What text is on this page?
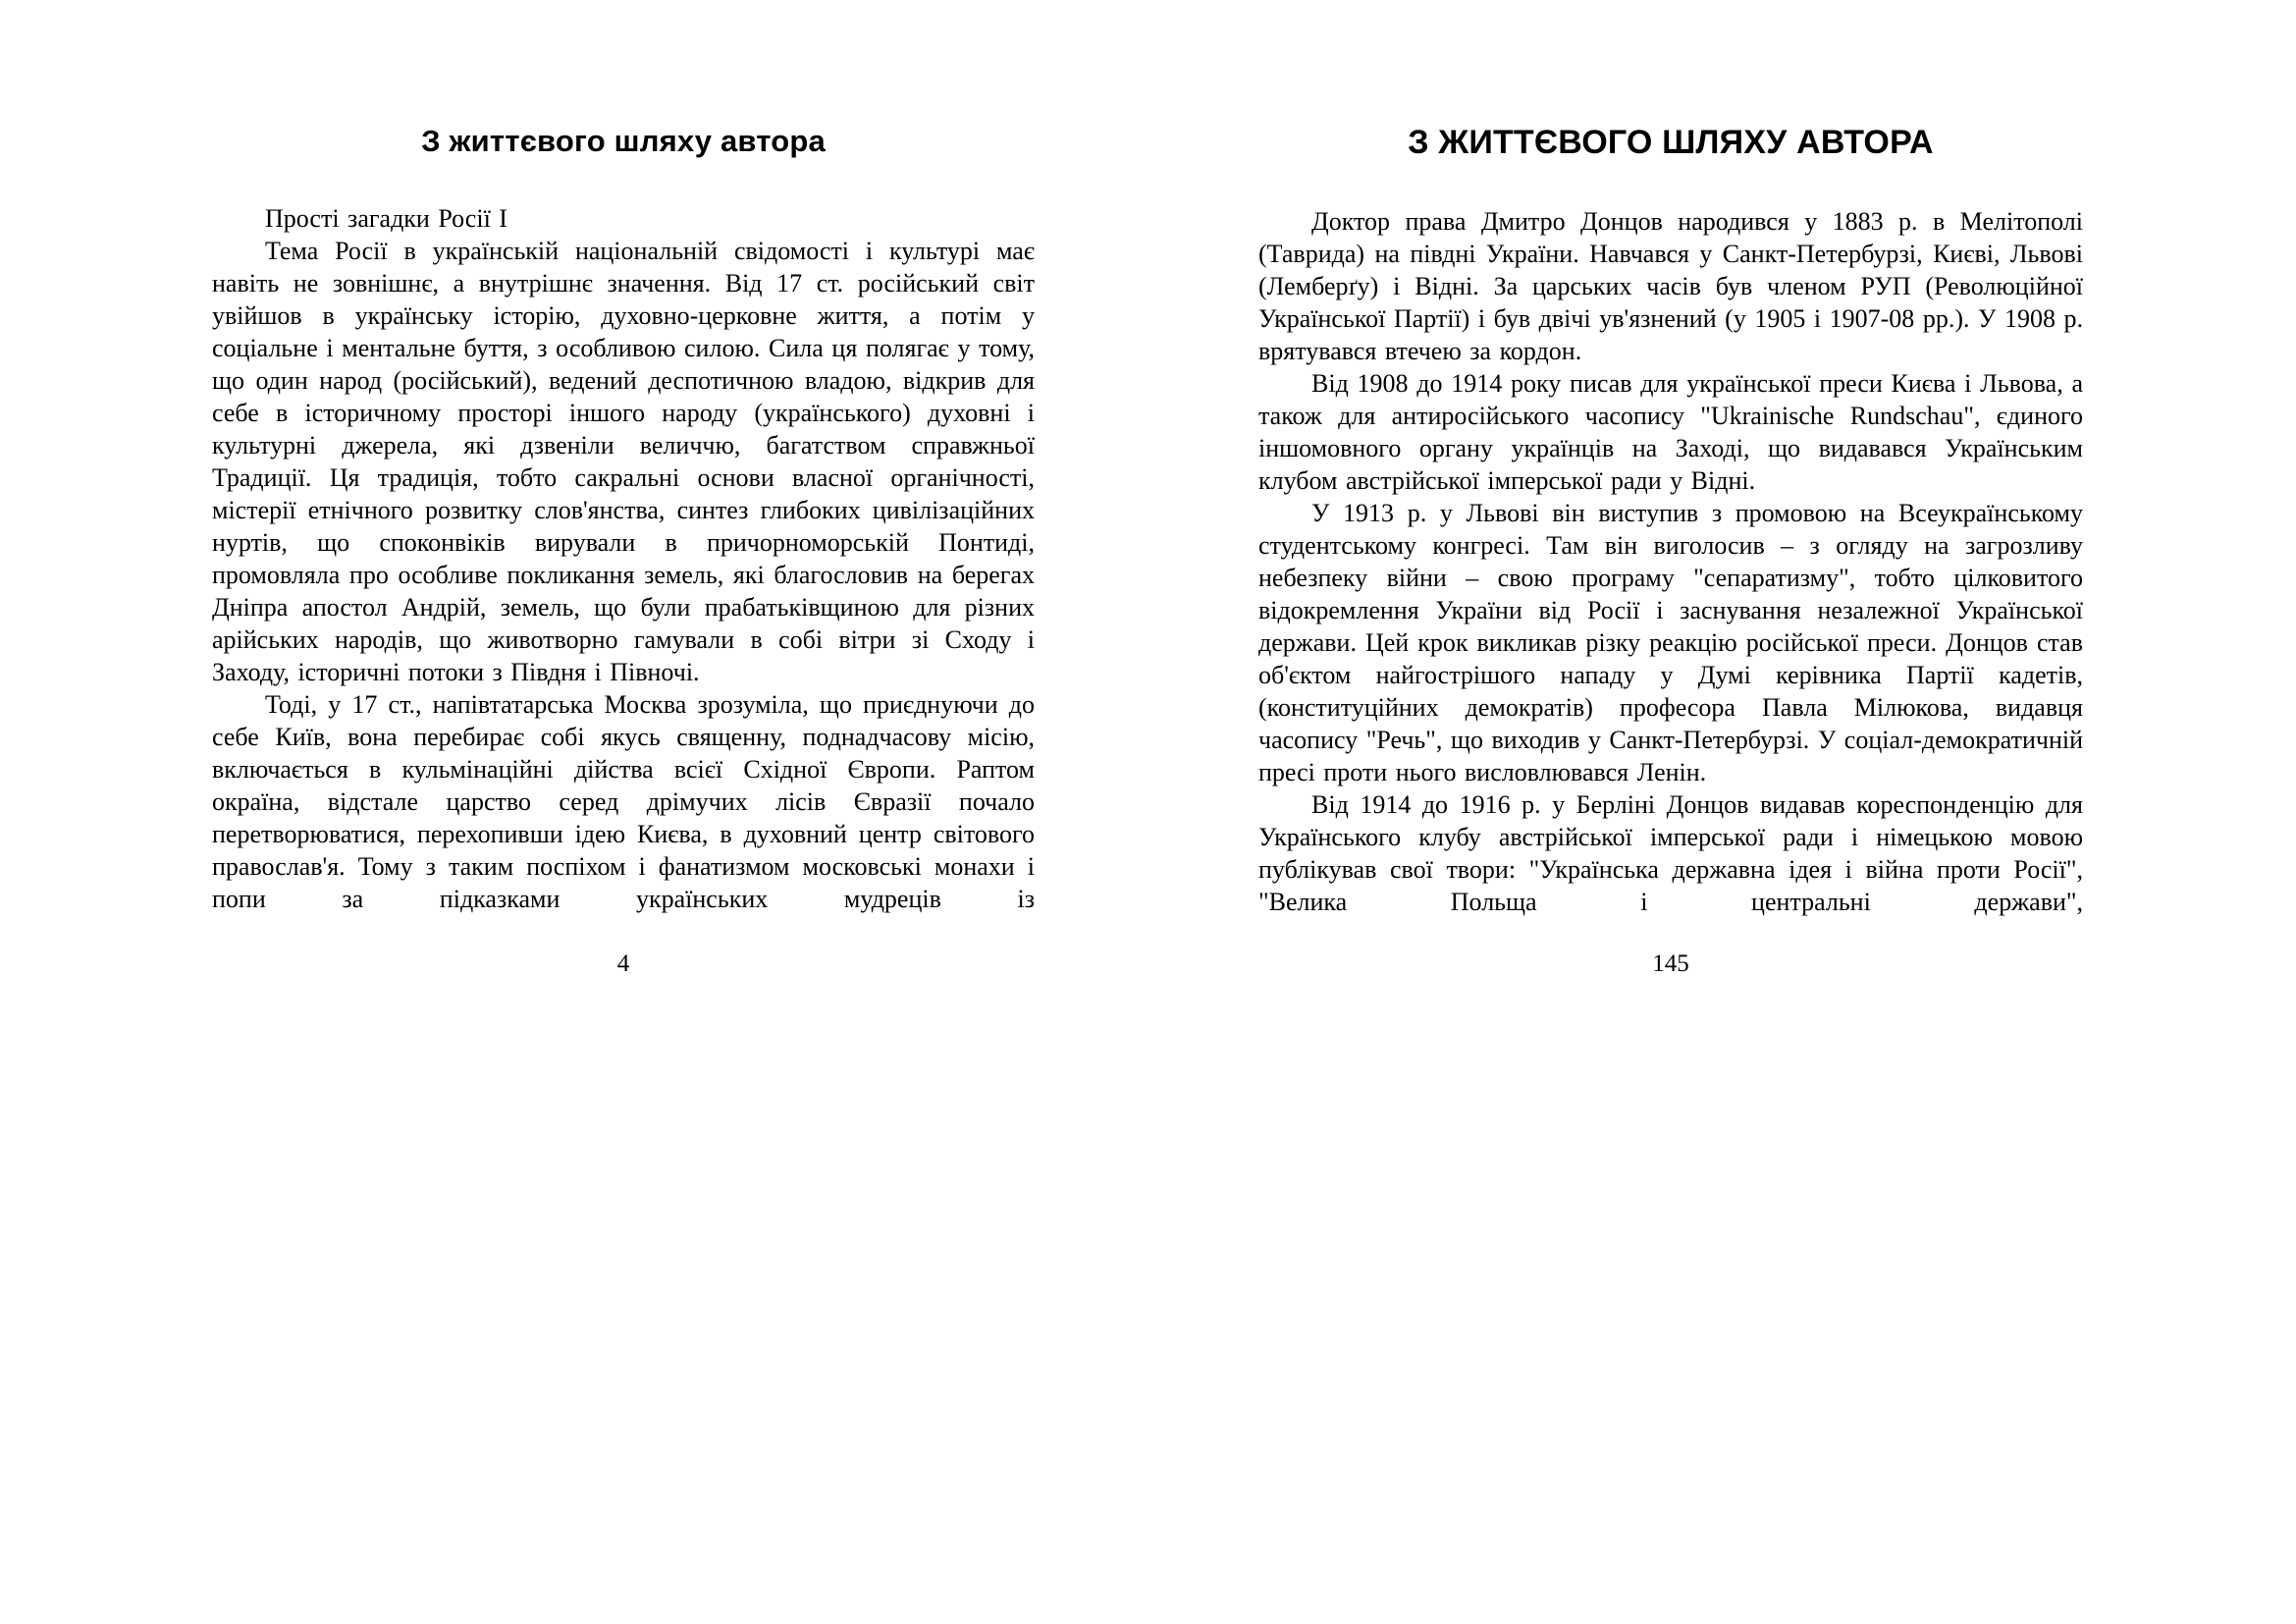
З життєвого шляху автора

Прості загадки Росії I

Тема Росії в українській національній свідомості і культурі має навіть не зовнішнє, а внутрішнє значення. Від 17 ст. російський світ увійшов в українську історію, духовно-церковне життя, а потім у соціальне і ментальне буття, з особливою силою. Сила ця полягає у тому, що один народ (російський), ведений деспотичною владою, відкрив для себе в історичному просторі іншого народу (українського) духовні і культурні джерела, які дзвеніли величчю, багатством справжньої Традиції. Ця традиція, тобто сакральні основи власної органічності, містерії етнічного розвитку слов'янства, синтез глибоких цивілізаційних нуртів, що споконвіків вирували в причорноморській Понтиді, промовляла про особливе покликання земель, які благословив на берегах Дніпра апостол Андрій, земель, що були прабатьківщиною для різних арійських народів, що животворно гамували в собі вітри зі Сходу і Заходу, історичні потоки з Півдня і Півночі.

Тоді, у 17 ст., напівтатарська Москва зрозуміла, що приєднуючи до себе Київ, вона перебирає собі якусь священну, поднадчасову місію, включається в кульмінаційні дійства всієї Східної Європи. Раптом окраїна, відстале царство серед дрімучих лісів Євразії почало перетворюватися, перехопивши ідею Києва, в духовний центр світового православ'я. Тому з таким поспіхом і фанатизмом московські монахи і попи за підказками українських мудреців із

4
З ЖИТТЄВОГО ШЛЯХУ АВТОРА

Доктор права Дмитро Донцов народився у 1883 р. в Мелітополі (Таврида) на півдні України. Навчався у Санкт-Петербурзі, Києві, Львові (Лемберґу) і Відні. За царських часів був членом РУП (Революційної Української Партії) і був двічі ув'язнений (у 1905 і 1907-08 рр.). У 1908 р. врятувався втечею за кордон.

Від 1908 до 1914 року писав для української преси Києва і Львова, а також для антиросійського часопису "Ukrainische Rundschau", єдиного іншомовного органу українців на Заході, що видавався Українським клубом австрійської імперської ради у Відні.

У 1913 р. у Львові він виступив з промовою на Всеукраїнському студентському конгресі. Там він виголосив – з огляду на загрозливу небезпеку війни – свою програму "сепаратизму", тобто цілковитого відокремлення України від Росії і заснування незалежної Української держави. Цей крок викликав різку реакцію російської преси. Донцов став об'єктом найгострішого нападу у Думі керівника Партії кадетів, (конституційних демократів) професора Павла Мілюкова, видавця часопису "Речь", що виходив у Санкт-Петербурзі. У соціал-демократичній пресі проти нього висловлювався Ленін.

Від 1914 до 1916 р. у Берліні Донцов видавав кореспонденцію для Українського клубу австрійської імперської ради і німецькою мовою публікував свої твори: "Українська державна ідея і війна проти Росії", "Велика Польща і центральні держави",

145
